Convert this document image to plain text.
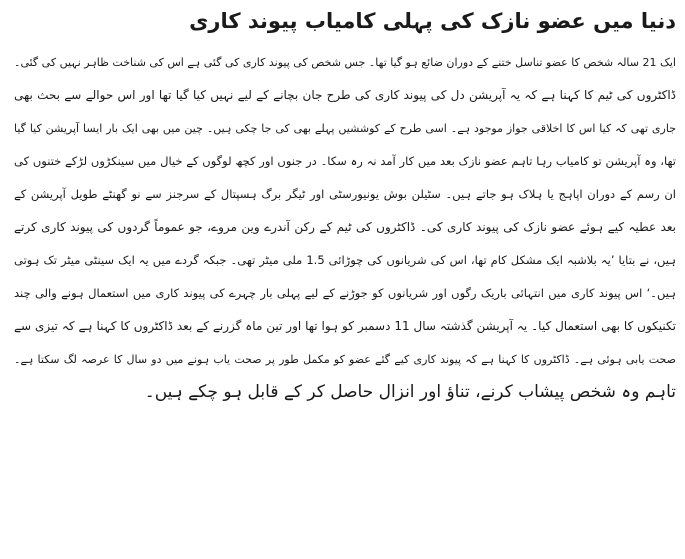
دنیا میں عضو نازک کی پہلی کامیاب پیوند کاری
ایک 21 سالہ شخص کا عضو تناسل ختنے کے دوران ضائع ہو گیا تھا۔ جس شخص کی پیوند کاری کی گئی ہے اس کی شناخت ظاہر نہیں کی گئی۔
ڈاکٹروں کی ٹیم کا کہنا ہے کہ یہ آپریشن دل کی پیوند کاری کی طرح جان بچانے کے لیے نہیں کیا گیا تھا اور اس حوالے سے بحث بھی
جاری تھی کہ کیا اس کا اخلاقی جواز موجود ہے۔ اسی طرح کے کوششیں پہلے بھی کی جا چکی ہیں۔ چین میں بھی ایک بار ایسا آپریشن کیا گیا
تھا، وہ آپریشن تو کامیاب رہا تاہم عضو نازک بعد میں کار آمد نہ رہ سکا۔ در جنوں اور کچھ لوگوں کے خیال میں سینکڑوں لڑکے ختنوں کی
ان رسم کے دوران اپاہج یا ہلاک ہو جاتے ہیں۔ سٹیلن بوش یونیورسٹی اور ٹیگر برگ ہسپتال کے سرجنز سے نو گھنٹے طویل آپریشن کے
بعد عطیہ کیے ہوئے عضو نازک کی پیوند کاری کی۔ ڈاکٹروں کی ٹیم کے رکن آندرے وین مروے، جو عموماً گردوں کی پیوند کاری کرتے
ہیں، نے بتایا ’یہ بلاشبہ ایک مشکل کام تھا، اس کی شریانوں کی چوڑائی 1.5 ملی میٹر تھی۔ جبکہ گردے میں یہ ایک سینٹی میٹر تک ہوتی
ہیں۔‘ اس پیوند کاری میں انتہائی باریک رگوں اور شریانوں کو جوڑنے کے لیے پہلی بار چہرے کی پیوند کاری میں استعمال ہونے والی چند
تکنیکوں کا بھی استعمال کیا۔ یہ آپریشن گذشتہ سال 11 دسمبر کو ہوا تھا اور تین ماہ گزرنے کے بعد ڈاکٹروں کا کہنا ہے کہ تیزی سے
صحت یابی ہوئی ہے۔ ڈاکٹروں کا کہنا ہے کہ پیوند کاری کیے گئے عضو کو مکمل طور پر صحت یاب ہونے میں دو سال کا عرصہ لگ سکتا ہے۔
تاہم وہ شخص پیشاب کرنے، تناؤ اور انزال حاصل کر کے قابل ہو چکے ہیں۔
